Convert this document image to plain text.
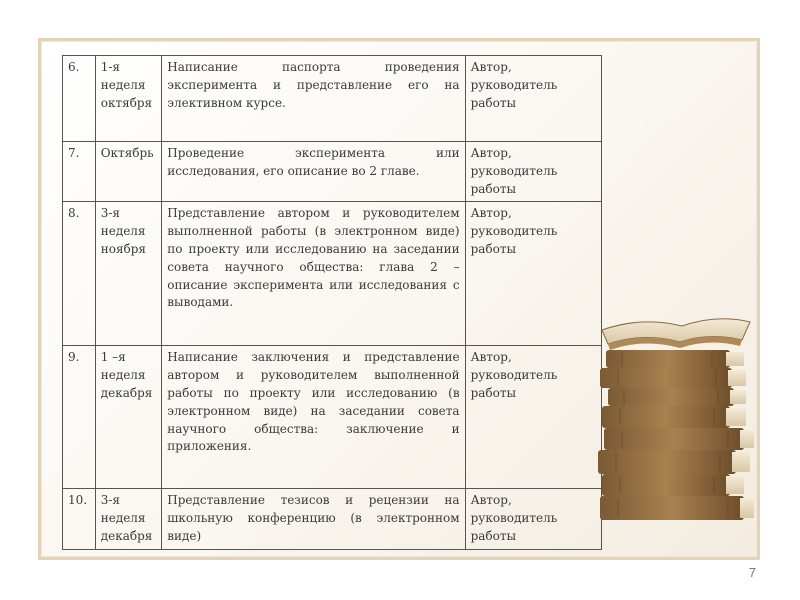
6.	1-я неделя октября	Написание паспорта проведения эксперимента и представление его на элективном курсе.	Автор, руководитель работы
7.	Октябрь	Проведение эксперимента или исследования, его описание во 2 главе.	Автор, руководитель работы
8.	3-я неделя ноября	Представление автором и руководителем выполненной работы (в электронном виде) по проекту или исследованию на заседании совета научного общества: глава 2 – описание эксперимента или исследования с выводами.	Автор, руководитель работы
9.	1 –я неделя декабря	Написание заключения и представление автором и руководителем выполненной работы по проекту или исследованию (в электронном виде) на заседании совета научного общества: заключение и приложения.	Автор, руководитель работы
10.	3-я неделя декабря	Представление тезисов и рецензии на школьную конференцию (в электронном виде)	Автор, руководитель работы
7
